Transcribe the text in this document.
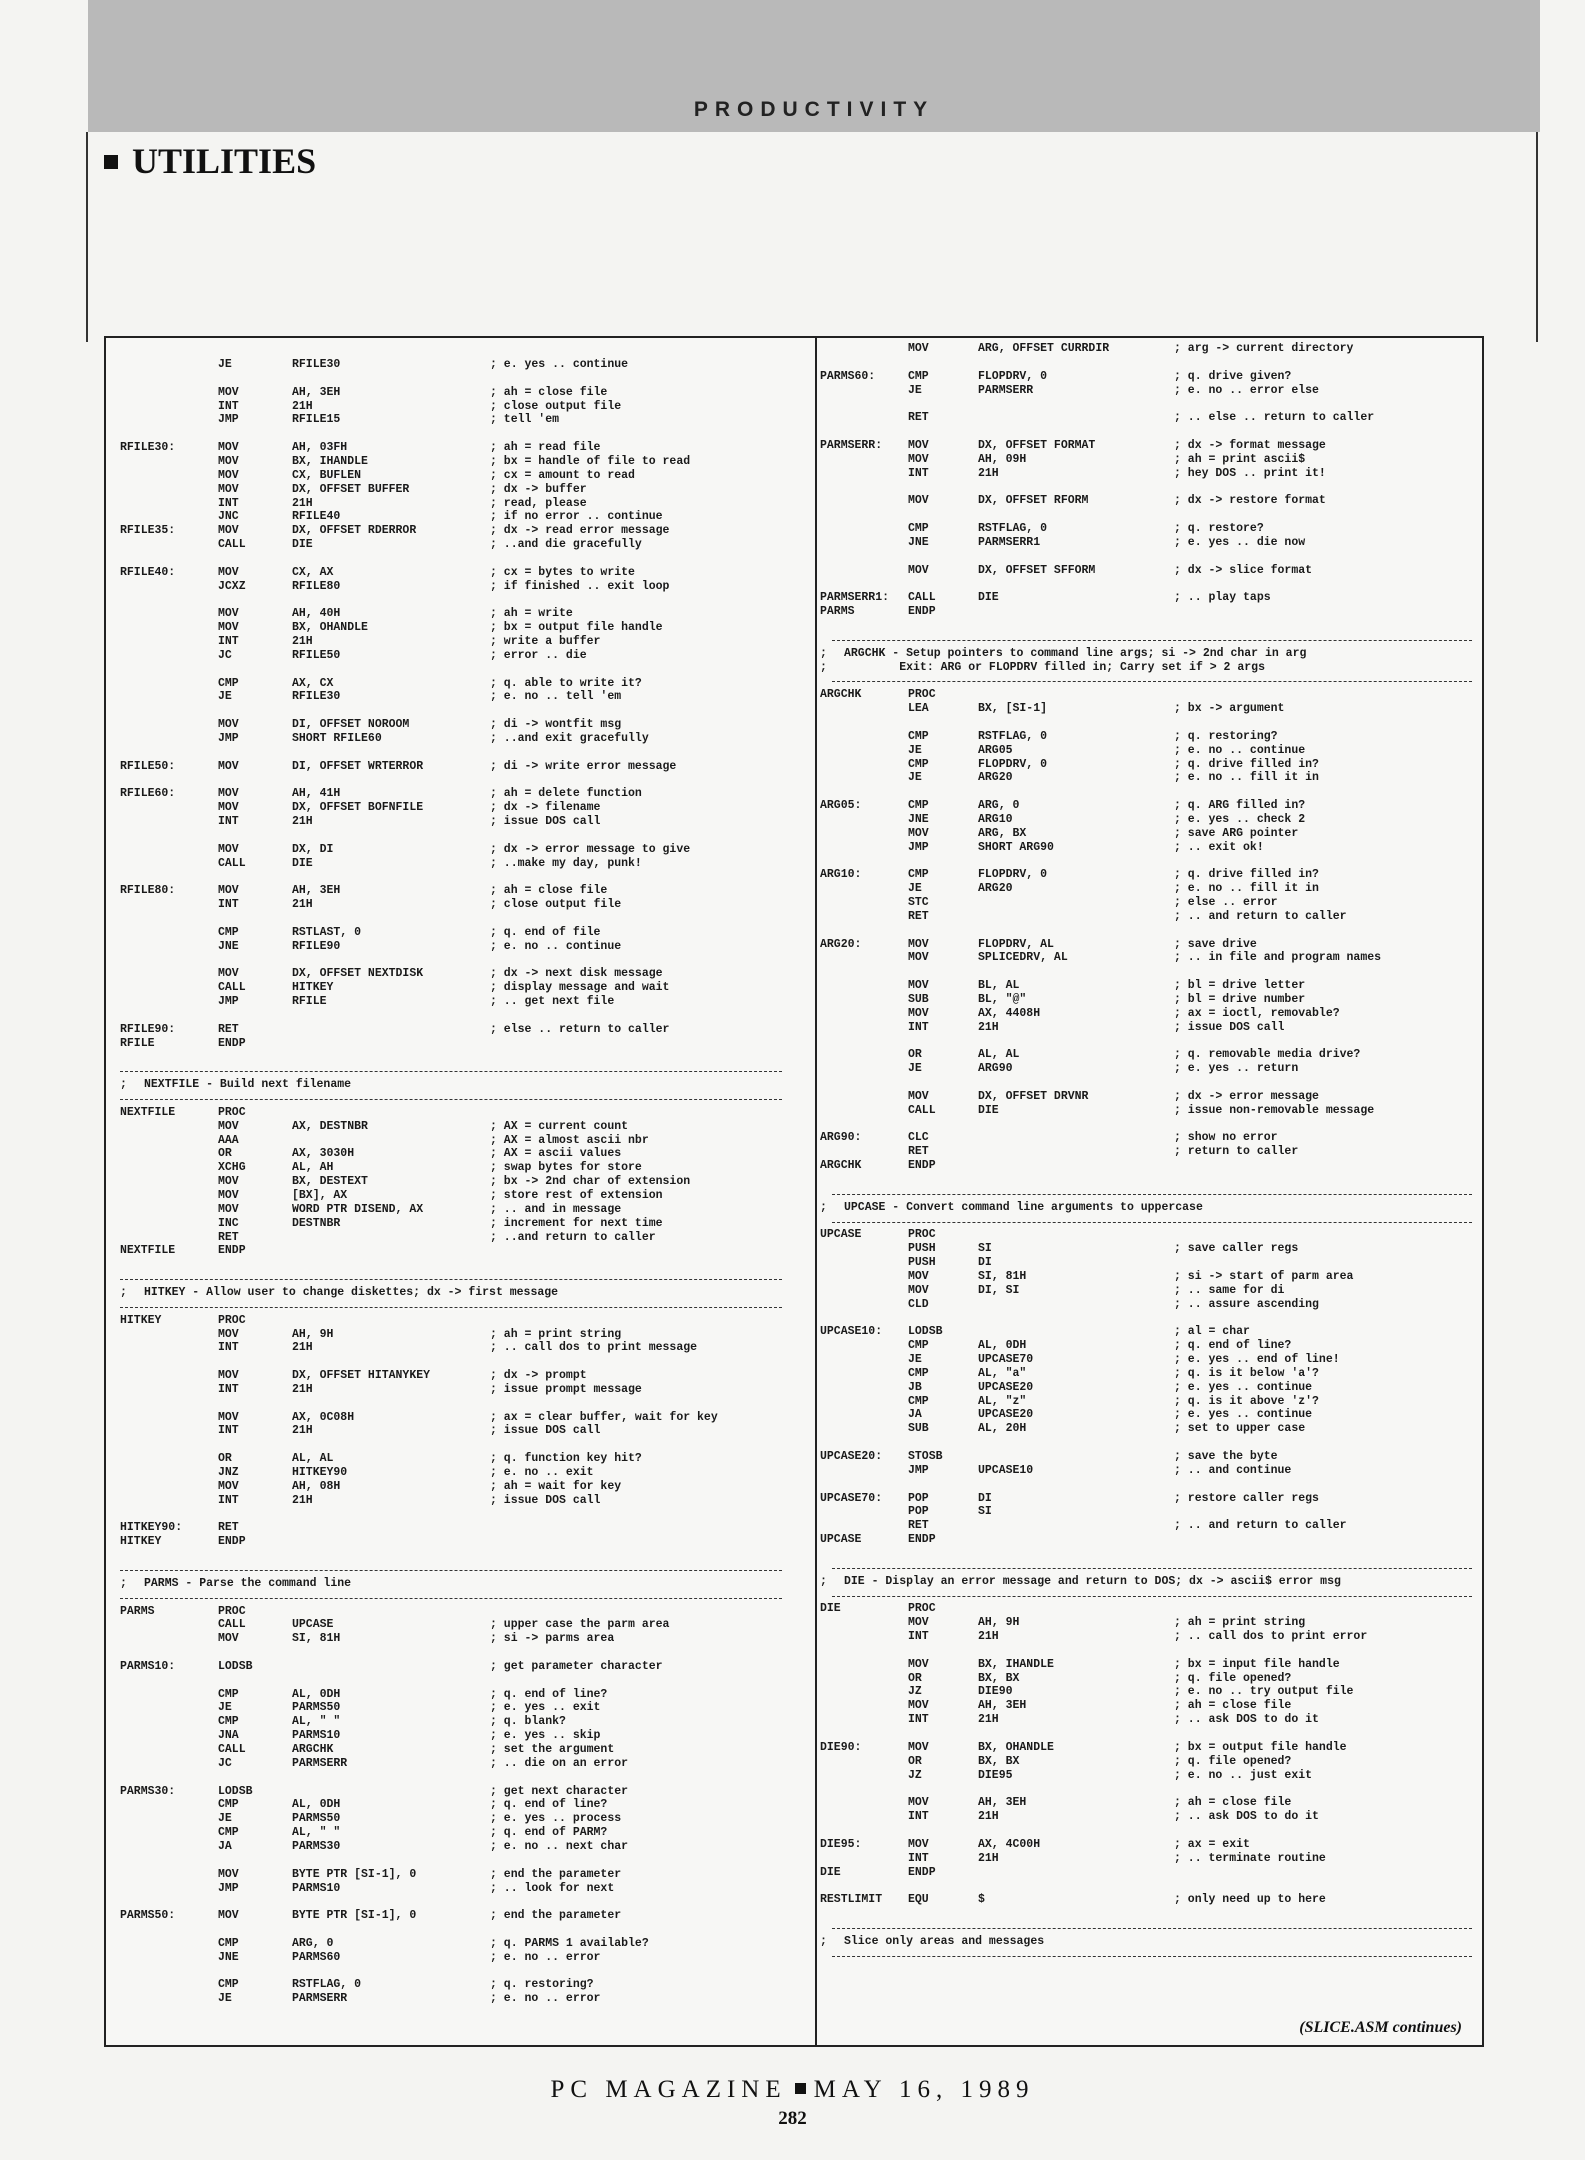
PRODUCTIVITY
UTILITIES
JE	RFILE30	; e. yes .. continue
MOV	AH, 3EH	; ah = close file
INT	21H	; close output file
JMP	RFILE15	; tell 'em
RFILE30:	MOV	AH, 03FH	; ah = read file
MOV	BX, IHANDLE	; bx = handle of file to read
MOV	CX, BUFLEN	; cx = amount to read
MOV	DX, OFFSET BUFFER	; dx -> buffer
INT	21H	; read, please
JNC	RFILE40	; if no error .. continue
RFILE35:	MOV	DX, OFFSET RDERROR	; dx -> read error message
CALL	DIE	; ..and die gracefully
RFILE40:	MOV	CX, AX	; cx = bytes to write
JCXZ	RFILE80	; if finished .. exit loop
MOV	AH, 40H	; ah = write
MOV	BX, OHANDLE	; bx = output file handle
INT	21H	; write a buffer
JC	RFILE50	; error .. die
CMP	AX, CX	; q. able to write it?
JE	RFILE30	; e. no .. tell 'em
MOV	DI, OFFSET NOROOM	; di -> wontfit msg
JMP	SHORT RFILE60	; ..and exit gracefully
RFILE50:	MOV	DI, OFFSET WRTERROR	; di -> write error message
RFILE60:	MOV	AH, 41H	; ah = delete function
MOV	DX, OFFSET BOFNFILE	; dx -> filename
INT	21H	; issue DOS call
MOV	DX, DI	; dx -> error message to give
CALL	DIE	; ..make my day, punk!
RFILE80:	MOV	AH, 3EH	; ah = close file
INT	21H	; close output file
CMP	RSTLAST, 0	; q. end of file
JNE	RFILE90	; e. no .. continue
MOV	DX, OFFSET NEXTDISK	; dx -> next disk message
CALL	HITKEY	; display message and wait
JMP	RFILE	; .. get next file
RFILE90:	RET	; else .. return to caller
RFILE	ENDP
; NEXTFILE - Build next filename
NEXTFILE	PROC
MOV	AX, DESTNBR	; AX = current count
AAA	; AX = almost ascii nbr
OR	AX, 3030H	; AX = ascii values
XCHG	AL, AH	; swap bytes for store
MOV	BX, DESTEXT	; bx -> 2nd char of extension
MOV	[BX], AX	; store rest of extension
MOV	WORD PTR DISEND, AX	; .. and in message
INC	DESTNBR	; increment for next time
RET	; ..and return to caller
NEXTFILE	ENDP
; HITKEY - Allow user to change diskettes; dx -> first message
HITKEY	PROC
MOV	AH, 9H	; ah = print string
INT	21H	; .. call dos to print message
MOV	DX, OFFSET HITANYKEY	; dx -> prompt
INT	21H	; issue prompt message
MOV	AX, 0C08H	; ax = clear buffer, wait for key
INT	21H	; issue DOS call
OR	AL, AL	; q. function key hit?
JNZ	HITKEY90	; e. no .. exit
MOV	AH, 08H	; ah = wait for key
INT	21H	; issue DOS call
HITKEY90:	RET
HITKEY	ENDP
; PARMS - Parse the command line
PARMS	PROC
CALL	UPCASE	; upper case the parm area
MOV	SI, 81H	; si -> parms area
PARMS10:	LODSB	; get parameter character
CMP	AL, 0DH	; q. end of line?
JE	PARMS50	; e. yes .. exit
CMP	AL, " "	; q. blank?
JNA	PARMS10	; e. yes .. skip
CALL	ARGCHK	; set the argument
JC	PARMSERR	; .. die on an error
PARMS30:	LODSB	; get next character
CMP	AL, 0DH	; q. end of line?
JE	PARMS50	; e. yes .. process
CMP	AL, " "	; q. end of PARM?
JA	PARMS30	; e. no .. next char
MOV	BYTE PTR [SI-1], 0	; end the parameter
JMP	PARMS10	; .. look for next
PARMS50:	MOV	BYTE PTR [SI-1], 0	; end the parameter
CMP	ARG, 0	; q. PARMS 1 available?
JNE	PARMS60	; e. no .. error
CMP	RSTFLAG, 0	; q. restoring?
JE	PARMSERR	; e. no .. error
MOV	ARG, OFFSET CURRDIR	; arg -> current directory
PARMS60:	CMP	FLOPDRV, 0	; q. drive given?
JE	PARMSERR	; e. no .. error else
RET	; .. else .. return to caller
PARMSERR: MOV	DX, OFFSET FORMAT	; dx -> format message
MOV	AH, 09H	; ah = print ascii$
INT	21H	; hey DOS .. print it!
MOV	DX, OFFSET RFORM	; dx -> restore format
CMP	RSTFLAG, 0	; q. restore?
JNE	PARMSERR1	; e. yes .. die now
MOV	DX, OFFSET SFFORM	; dx -> slice format
PARMSERR1: CALL	DIE	; .. play taps
PARMS	ENDP
; ARGCHK - Setup pointers to command line args; si -> 2nd char in arg
; Exit: ARG or FLOPDRV filled in; Carry set if > 2 args
ARGCHK	PROC
LEA	BX, [SI-1]	; bx -> argument
CMP	RSTFLAG, 0	; q. restoring?
JE	ARG05	; e. no .. continue
CMP	FLOPDRV, 0	; q. drive filled in?
JE	ARG20	; e. no .. fill it in
ARG05:	CMP	ARG, 0	; q. ARG filled in?
JNE	ARG10	; e. yes .. check 2
MOV	ARG, BX	; save ARG pointer
JMP	SHORT ARG90	; .. exit ok!
ARG10:	CMP	FLOPDRV, 0	; q. drive filled in?
JE	ARG20	; e. no .. fill it in
STC	; else .. error
RET	; .. and return to caller
ARG20:	MOV	FLOPDRV, AL	; save drive
MOV	SPLICEDRV, AL	; .. in file and program names
MOV	BL, AL	; bl = drive letter
SUB	BL, "@"	; bl = drive number
MOV	AX, 4408H	; ax = ioctl, removable?
INT	21H	; issue DOS call
OR	AL, AL	; q. removable media drive?
JE	ARG90	; e. yes .. return
MOV	DX, OFFSET DRVNR	; dx -> error message
CALL	DIE	; issue non-removable message
ARG90:	CLC	; show no error
RET	; return to caller
ARGCHK	ENDP
; UPCASE - Convert command line arguments to uppercase
UPCASE	PROC
PUSH	SI	; save caller regs
PUSH	DI
MOV	SI, 81H	; si -> start of parm area
MOV	DI, SI	; .. same for di
CLD	; .. assure ascending
UPCASE10: LODSB	; al = char
CMP	AL, 0DH	; q. end of line?
JE	UPCASE70	; e. yes .. end of line!
CMP	AL, "a"	; q. is it below 'a'?
JB	UPCASE20	; e. yes .. continue
CMP	AL, "z"	; q. is it above 'z'?
JA	UPCASE20	; e. yes .. continue
SUB	AL, 20H	; set to upper case
UPCASE20: STOSB	; save the byte
JMP	UPCASE10	; .. and continue
UPCASE70: POP	DI	; restore caller regs
POP	SI
RET	; .. and return to caller
UPCASE	ENDP
; DIE - Display an error message and return to DOS; dx -> ascii$ error msg
DIE	PROC
MOV	AH, 9H	; ah = print string
INT	21H	; .. call dos to print error
MOV	BX, IHANDLE	; bx = input file handle
OR	BX, BX	; q. file opened?
JZ	DIE90	; e. no .. try output file
MOV	AH, 3EH	; ah = close file
INT	21H	; .. ask DOS to do it
DIE90:	MOV	BX, OHANDLE	; bx = output file handle
OR	BX, BX	; q. file opened?
JZ	DIE95	; e. no .. just exit
MOV	AH, 3EH	; ah = close file
INT	21H	; .. ask DOS to do it
DIE95:	MOV	AX, 4C00H	; ax = exit
INT	21H	; .. terminate routine
DIE	ENDP
RESTLIMIT EQU	$	; only need up to here
; Slice only areas and messages
(SLICE.ASM continues)
PC MAGAZINE MAY 16, 1989
282
